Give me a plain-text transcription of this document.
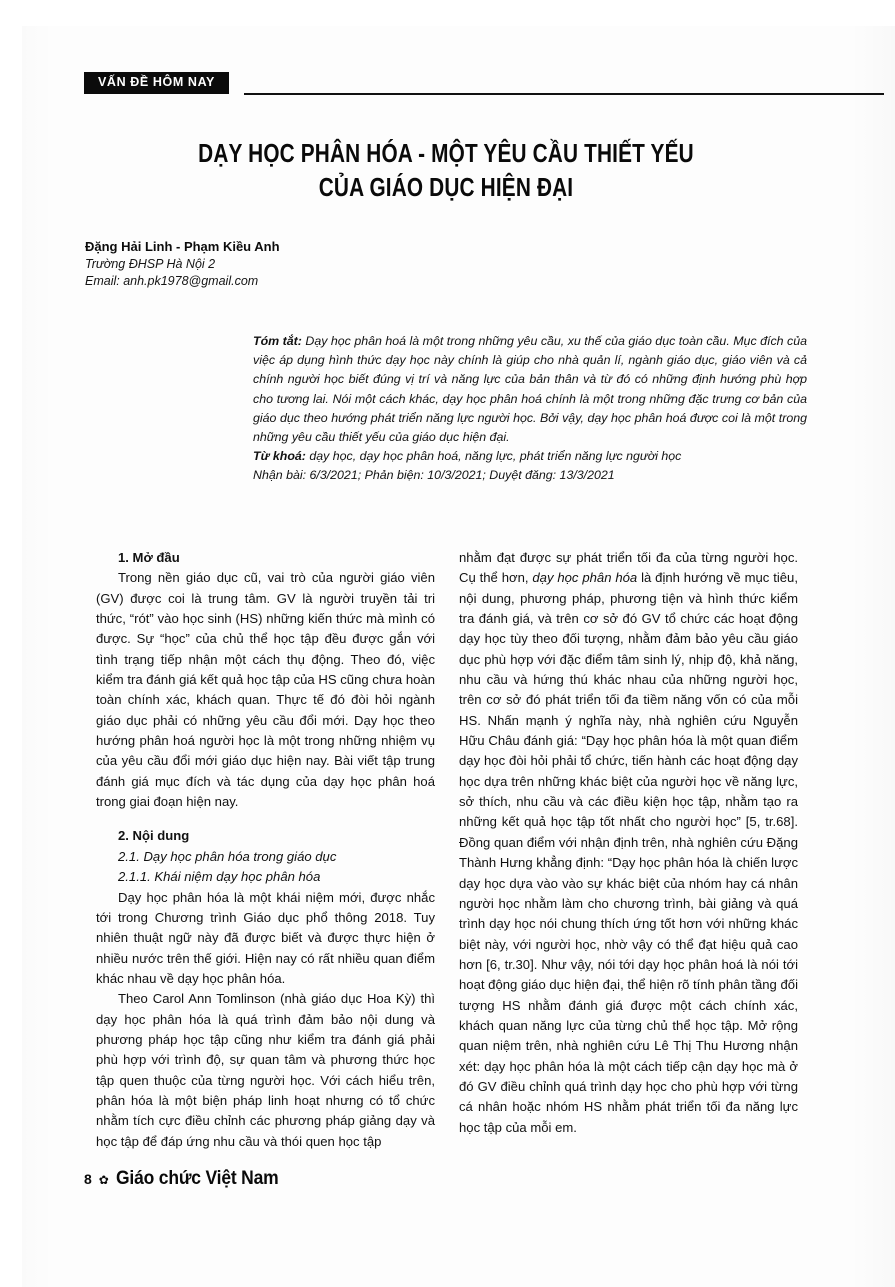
VẤN ĐỀ HÔM NAY
DẠY HỌC PHÂN HÓA - MỘT YÊU CẦU THIẾT YẾU
CỦA GIÁO DỤC HIỆN ĐẠI
Đặng Hải Linh - Phạm Kiều Anh
Trường ĐHSP Hà Nội 2
Email: anh.pk1978@gmail.com

Tóm tắt: Dạy học phân hoá là một trong những yêu cầu, xu thế của giáo dục toàn cầu. Mục đích của việc áp dụng hình thức dạy học này chính là giúp cho nhà quản lí, ngành giáo dục, giáo viên và cả chính người học biết đúng vị trí và năng lực của bản thân và từ đó có những định hướng phù hợp cho tương lai. Nói một cách khác, dạy học phân hoá chính là một trong những đặc trưng cơ bản của giáo dục theo hướng phát triển năng lực người học. Bởi vậy, dạy học phân hoá được coi là một trong những yêu cầu thiết yếu của giáo dục hiện đại.

Từ khoá: dạy học, dạy học phân hoá, năng lực, phát triển năng lực người học

Nhận bài: 6/3/2021; Phản biện: 10/3/2021; Duyệt đăng: 13/3/2021

1. Mở đầu

Trong nền giáo dục cũ, vai trò của người giáo viên (GV) được coi là trung tâm. GV là người truyền tải tri thức, “rót” vào học sinh (HS) những kiến thức mà mình có được. Sự “học” của chủ thể học tập đều được gắn với tình trạng tiếp nhận một cách thụ động. Theo đó, việc kiểm tra đánh giá kết quả học tập của HS cũng chưa hoàn toàn chính xác, khách quan. Thực tế đó đòi hỏi ngành giáo dục phải có những yêu cầu đổi mới. Dạy học theo hướng phân hoá người học là một trong những nhiệm vụ của yêu cầu đổi mới giáo dục hiện nay. Bài viết tập trung đánh giá mục đích và tác dụng của dạy học phân hoá trong giai đoạn hiện nay.

2. Nội dung
2.1. Dạy học phân hóa trong giáo dục
2.1.1. Khái niệm dạy học phân hóa

Dạy học phân hóa là một khái niệm mới, được nhắc tới trong Chương trình Giáo dục phổ thông 2018. Tuy nhiên thuật ngữ này đã được biết và được thực hiện ở nhiều nước trên thế giới. Hiện nay có rất nhiều quan điểm khác nhau về dạy học phân hóa.

Theo Carol Ann Tomlinson (nhà giáo dục Hoa Kỳ) thì dạy học phân hóa là quá trình đảm bảo nội dung và phương pháp học tập cũng như kiểm tra đánh giá phải phù hợp với trình độ, sự quan tâm và phương thức học tập quen thuộc của từng người học. Với cách hiểu trên, phân hóa là một biện pháp linh hoạt nhưng có tổ chức nhằm tích cực điều chỉnh các phương pháp giảng dạy và học tập để đáp ứng nhu cầu và thói quen học tập

nhằm đạt được sự phát triển tối đa của từng người học. Cụ thể hơn, dạy học phân hóa là định hướng về mục tiêu, nội dung, phương pháp, phương tiện và hình thức kiểm tra đánh giá, và trên cơ sở đó GV tổ chức các hoạt động dạy học tùy theo đối tượng, nhằm đảm bảo yêu cầu giáo dục phù hợp với đặc điểm tâm sinh lý, nhịp độ, khả năng, nhu cầu và hứng thú khác nhau của những người học, trên cơ sở đó phát triển tối đa tiềm năng vốn có của mỗi HS. Nhấn mạnh ý nghĩa này, nhà nghiên cứu Nguyễn Hữu Châu đánh giá: “Dạy học phân hóa là một quan điểm dạy học đòi hỏi phải tổ chức, tiến hành các hoạt động dạy học dựa trên những khác biệt của người học về năng lực, sở thích, nhu cầu và các điều kiện học tập, nhằm tạo ra những kết quả học tập tốt nhất cho người học” [5, tr.68]. Đồng quan điểm với nhận định trên, nhà nghiên cứu Đặng Thành Hưng khẳng định: “Dạy học phân hóa là chiến lược dạy học dựa vào vào sự khác biệt của nhóm hay cá nhân người học nhằm làm cho chương trình, bài giảng và quá trình dạy học nói chung thích ứng tốt hơn với những khác biệt này, với người học, nhờ vậy có thể đạt hiệu quả cao hơn [6, tr.30]. Như vậy, nói tới dạy học phân hoá là nói tới hoạt động giáo dục hiện đại, thể hiện rõ tính phân tầng đối tượng HS nhằm đánh giá được một cách chính xác, khách quan năng lực của từng chủ thể học tập. Mở rộng quan niệm trên, nhà nghiên cứu Lê Thị Thu Hương nhận xét: dạy học phân hóa là một cách tiếp cận dạy học mà ở đó GV điều chỉnh quá trình dạy học cho phù hợp với từng cá nhân hoặc nhóm HS nhằm phát triển tối đa năng lực học tập của mỗi em.

8 ✿ Giáo chức Việt Nam
